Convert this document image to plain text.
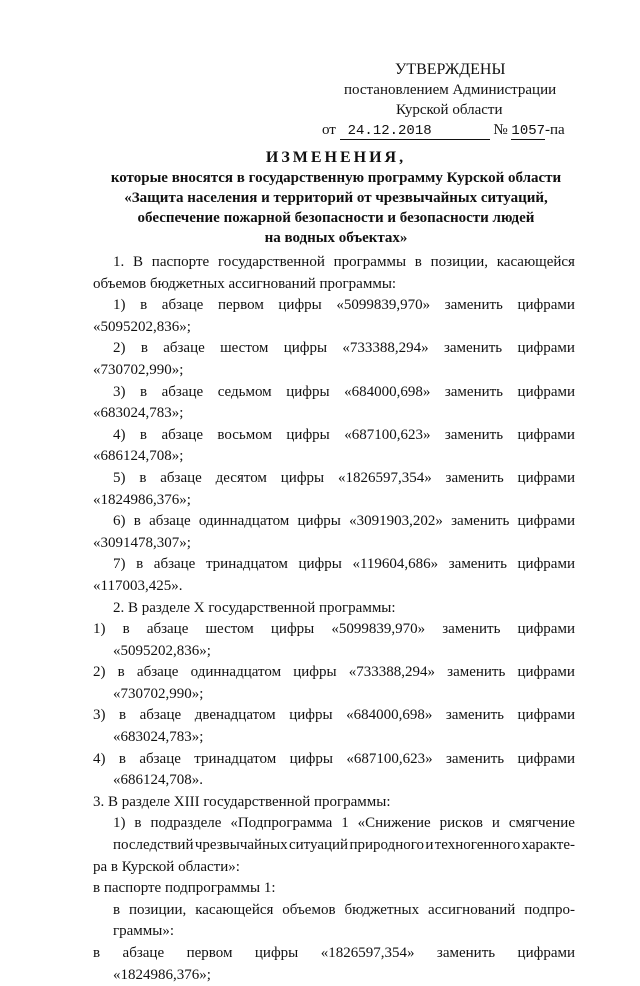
УТВЕРЖДЕНЫ
постановлением Администрации
Курской области
от 24.12.2018	№ 1057-па
ИЗМЕНЕНИЯ,
которые вносятся в государственную программу Курской области
«Защита населения и территорий от чрезвычайных ситуаций,
обеспечение пожарной безопасности и безопасности людей
на водных объектах»
1. В паспорте государственной программы в позиции, касающейся
объемов бюджетных ассигнований программы:
1) в абзаце первом цифры «5099839,970» заменить цифрами
«5095202,836»;
2) в абзаце шестом цифры «733388,294» заменить цифрами
«730702,990»;
3) в абзаце седьмом цифры «684000,698» заменить цифрами
«683024,783»;
4) в абзаце восьмом цифры «687100,623» заменить цифрами
«686124,708»;
5) в абзаце десятом цифры «1826597,354» заменить цифрами
«1824986,376»;
6) в абзаце одиннадцатом цифры «3091903,202» заменить цифрами
«3091478,307»;
7) в абзаце тринадцатом цифры «119604,686» заменить цифрами
«117003,425».
2. В разделе X государственной программы:
1) в абзаце шестом цифры «5099839,970» заменить цифрами
«5095202,836»;
2) в абзаце одиннадцатом цифры «733388,294» заменить цифрами
«730702,990»;
3) в абзаце двенадцатом цифры «684000,698» заменить цифрами
«683024,783»;
4) в абзаце тринадцатом цифры «687100,623» заменить цифрами
«686124,708».
3. В разделе XIII государственной программы:
1) в подразделе «Подпрограмма 1 «Снижение рисков и смягчение
последствий чрезвычайных ситуаций природного и техногенного характе-
ра в Курской области»:
в паспорте подпрограммы 1:
в позиции, касающейся объемов бюджетных ассигнований подпро-
граммы»:
в абзаце первом цифры «1826597,354» заменить цифрами
«1824986,376»;
